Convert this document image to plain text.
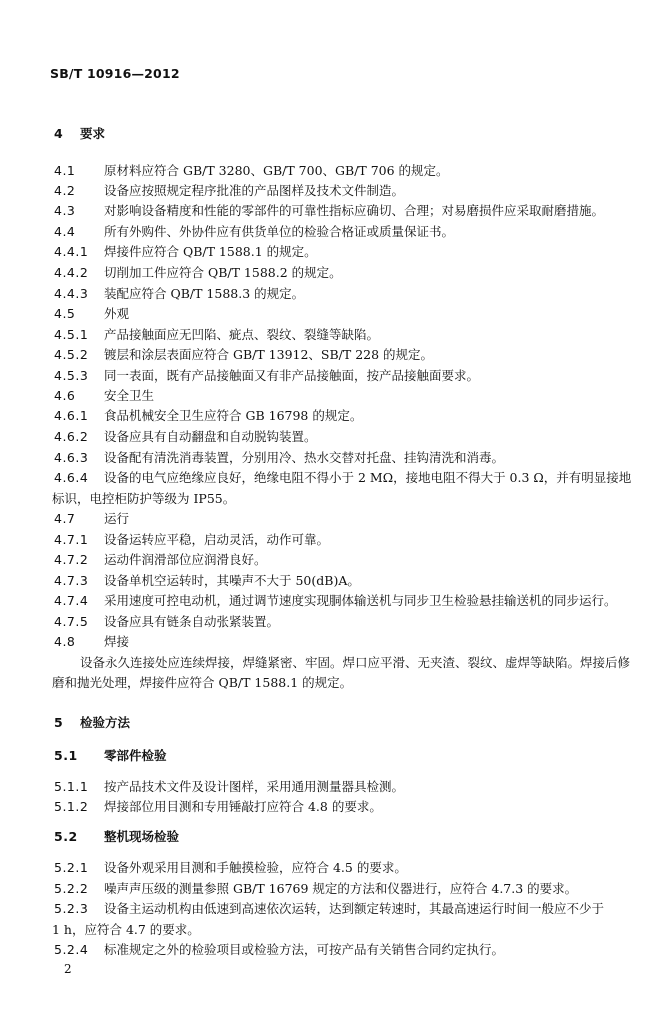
SB/T 10916—2012
4 要求
4.1 原材料应符合 GB/T 3280、GB/T 700、GB/T 706 的规定。
4.2 设备应按照规定程序批准的产品图样及技术文件制造。
4.3 对影响设备精度和性能的零部件的可靠性指标应确切、合理；对易磨损件应采取耐磨措施。
4.4 所有外购件、外协件应有供货单位的检验合格证或质量保证书。
4.4.1 焊接件应符合 QB/T 1588.1 的规定。
4.4.2 切削加工件应符合 QB/T 1588.2 的规定。
4.4.3 装配应符合 QB/T 1588.3 的规定。
4.5 外观
4.5.1 产品接触面应无凹陷、疵点、裂纹、裂缝等缺陷。
4.5.2 镀层和涂层表面应符合 GB/T 13912、SB/T 228 的规定。
4.5.3 同一表面，既有产品接触面又有非产品接触面，按产品接触面要求。
4.6 安全卫生
4.6.1 食品机械安全卫生应符合 GB 16798 的规定。
4.6.2 设备应具有自动翻盘和自动脱钩装置。
4.6.3 设备配有清洗消毒装置，分别用冷、热水交替对托盘、挂钩清洗和消毒。
4.6.4 设备的电气应绝缘应良好，绝缘电阻不得小于 2 MΩ，接地电阻不得大于 0.3 Ω，并有明显接地
标识，电控柜防护等级为 IP55。
4.7 运行
4.7.1 设备运转应平稳，启动灵活，动作可靠。
4.7.2 运动件润滑部位应润滑良好。
4.7.3 设备单机空运转时，其噪声不大于 50(dB)A。
4.7.4 采用速度可控电动机，通过调节速度实现胴体输送机与同步卫生检验悬挂输送机的同步运行。
4.7.5 设备应具有链条自动张紧装置。
4.8 焊接
设备永久连接处应连续焊接，焊缝紧密、牢固。焊口应平滑、无夹渣、裂纹、虚焊等缺陷。焊接后修
磨和抛光处理，焊接件应符合 QB/T 1588.1 的规定。
5 检验方法
5.1 零部件检验
5.1.1 按产品技术文件及设计图样，采用通用测量器具检测。
5.1.2 焊接部位用目测和专用锤敲打应符合 4.8 的要求。
5.2 整机现场检验
5.2.1 设备外观采用目测和手触摸检验，应符合 4.5 的要求。
5.2.2 噪声声压级的测量参照 GB/T 16769 规定的方法和仪器进行，应符合 4.7.3 的要求。
5.2.3 设备主运动机构由低速到高速依次运转，达到额定转速时，其最高速运行时间一般应不少于
1 h，应符合 4.7 的要求。
5.2.4 标准规定之外的检验项目或检验方法，可按产品有关销售合同约定执行。
2
